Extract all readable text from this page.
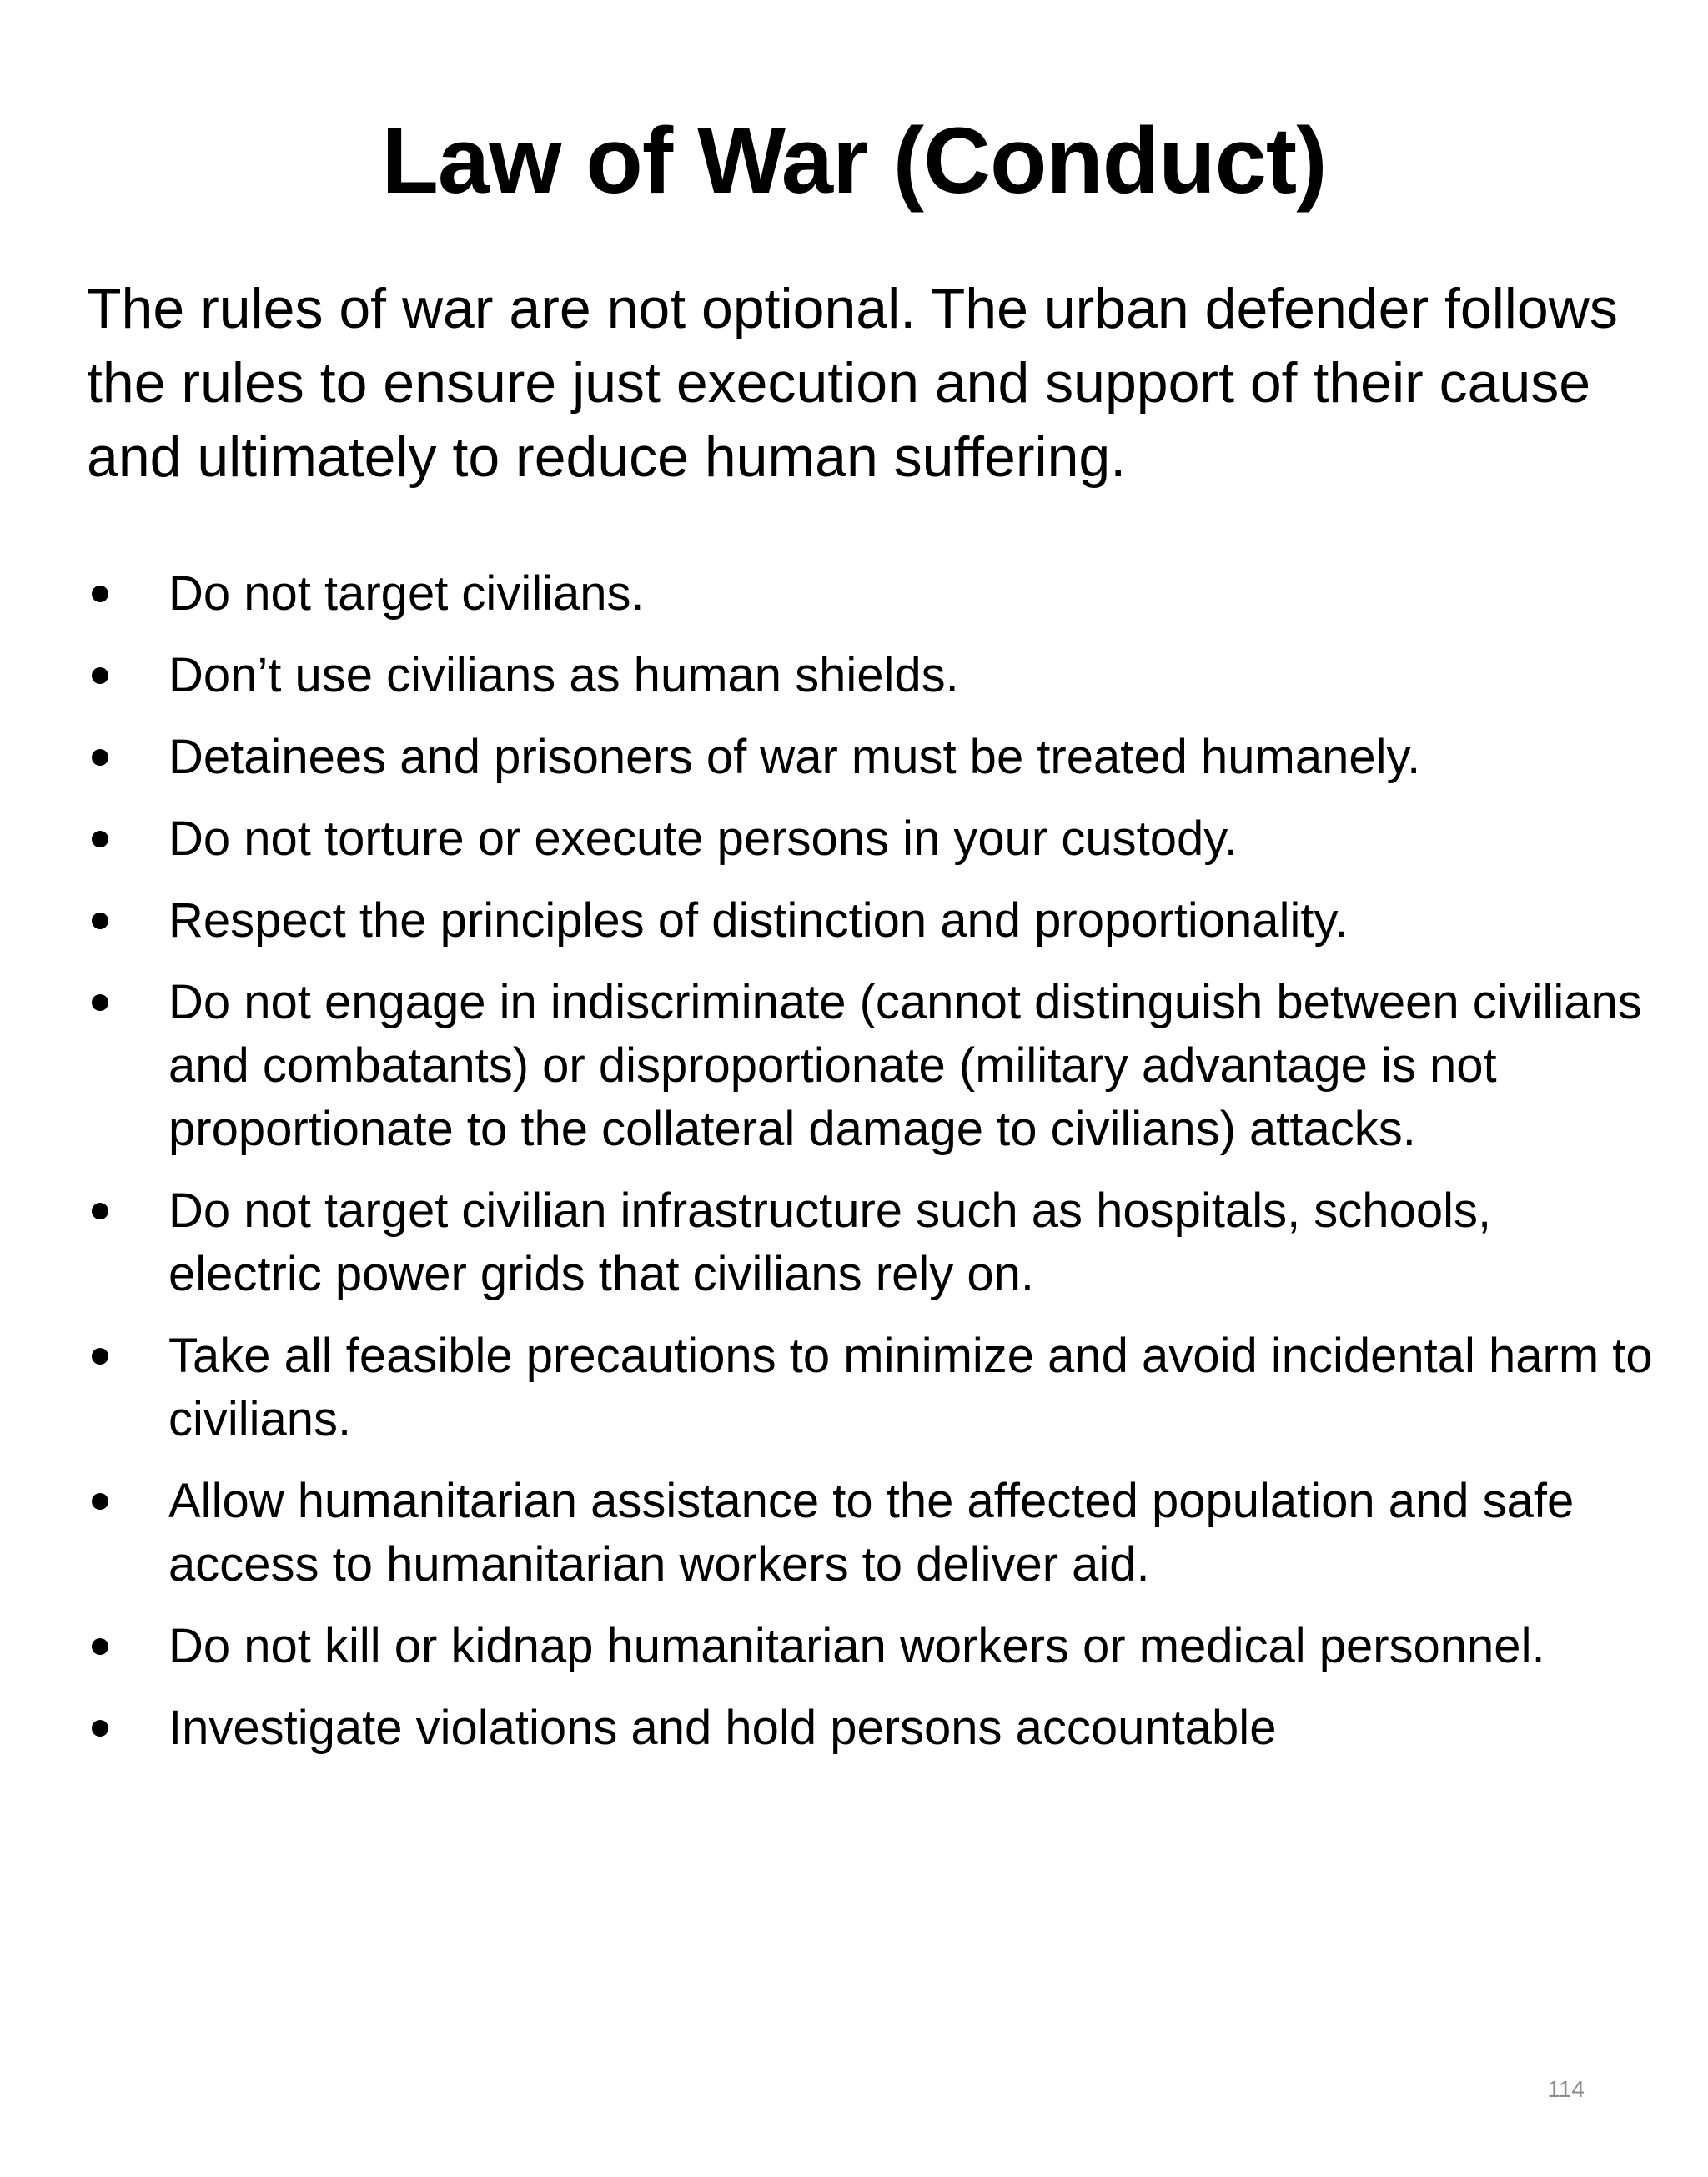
Law of War (Conduct)

The rules of war are not optional. The urban defender follows the rules to ensure just execution and support of their cause and ultimately to reduce human suffering.

Do not target civilians.
Don’t use civilians as human shields.
Detainees and prisoners of war must be treated humanely.
Do not torture or execute persons in your custody.
Respect the principles of distinction and proportionality.
Do not engage in indiscriminate (cannot distinguish between civilians and combatants) or disproportionate (military advantage is not proportionate to the collateral damage to civilians) attacks.
Do not target civilian infrastructure such as hospitals, schools, electric power grids that civilians rely on.
Take all feasible precautions to minimize and avoid incidental harm to civilians.
Allow humanitarian assistance to the affected population and safe access to humanitarian workers to deliver aid.
Do not kill or kidnap humanitarian workers or medical personnel.
Investigate violations and hold persons accountable
114
